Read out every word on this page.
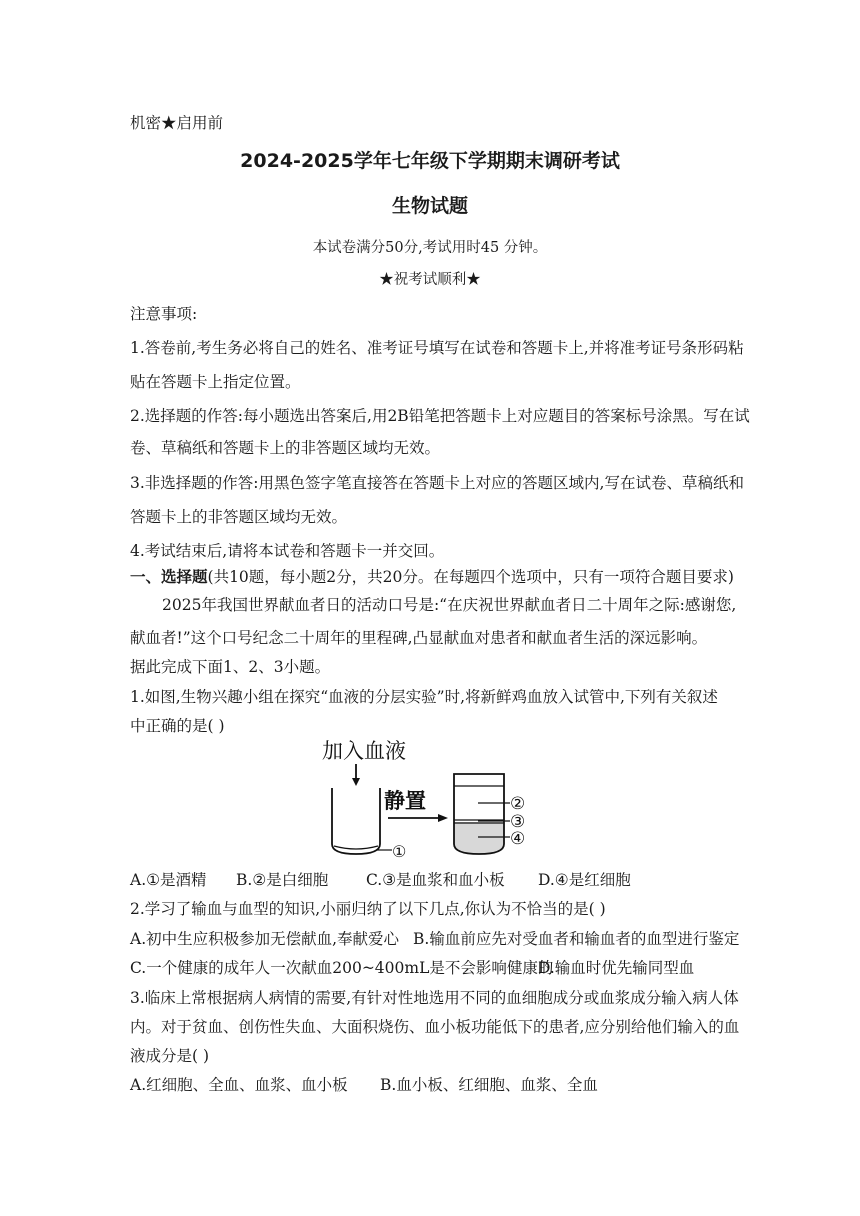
机密★启用前
2024-2025学年七年级下学期期末调研考试
生物试题
本试卷满分50分,考试用时45 分钟。
★祝考试顺利★
注意事项:
1.答卷前,考生务必将自己的姓名、准考证号填写在试卷和答题卡上,并将准考证号条形码粘
贴在答题卡上指定位置。
2.选择题的作答:每小题选出答案后,用2B铅笔把答题卡上对应题目的答案标号涂黑。写在试
卷、草稿纸和答题卡上的非答题区域均无效。
3.非选择题的作答:用黑色签字笔直接答在答题卡上对应的答题区域内,写在试卷、草稿纸和
答题卡上的非答题区域均无效。
4.考试结束后,请将本试卷和答题卡一并交回。
一、选择题(共10题，每小题2分，共20分。在每题四个选项中，只有一项符合题目要求)
2025年我国世界献血者日的活动口号是:“在庆祝世界献血者日二十周年之际:感谢您,
献血者!”这个口号纪念二十周年的里程碑,凸显献血对患者和献血者生活的深远影响。
据此完成下面1、2、3小题。
1.如图,生物兴趣小组在探究“血液的分层实验”时,将新鲜鸡血放入试管中,下列有关叙述
中正确的是( )
加入血液
①
静置	②
③
④
A.①是酒精 B.②是白细胞 C.③是血浆和血小板 D.④是红细胞
2.学习了输血与血型的知识,小丽归纳了以下几点,你认为不恰当的是( )
A.初中生应积极参加无偿献血,奉献爱心 B.输血前应先对受血者和输血者的血型进行鉴定
C.一个健康的成年人一次献血200~400mL是不会影响健康的
D.输血时优先输同型血
3.临床上常根据病人病情的需要,有针对性地选用不同的血细胞成分或血浆成分输入病人体
内。对于贫血、创伤性失血、大面积烧伤、血小板功能低下的患者,应分别给他们输入的血
液成分是( )
A.红细胞、全血、血浆、血小板 B.血小板、红细胞、血浆、全血
